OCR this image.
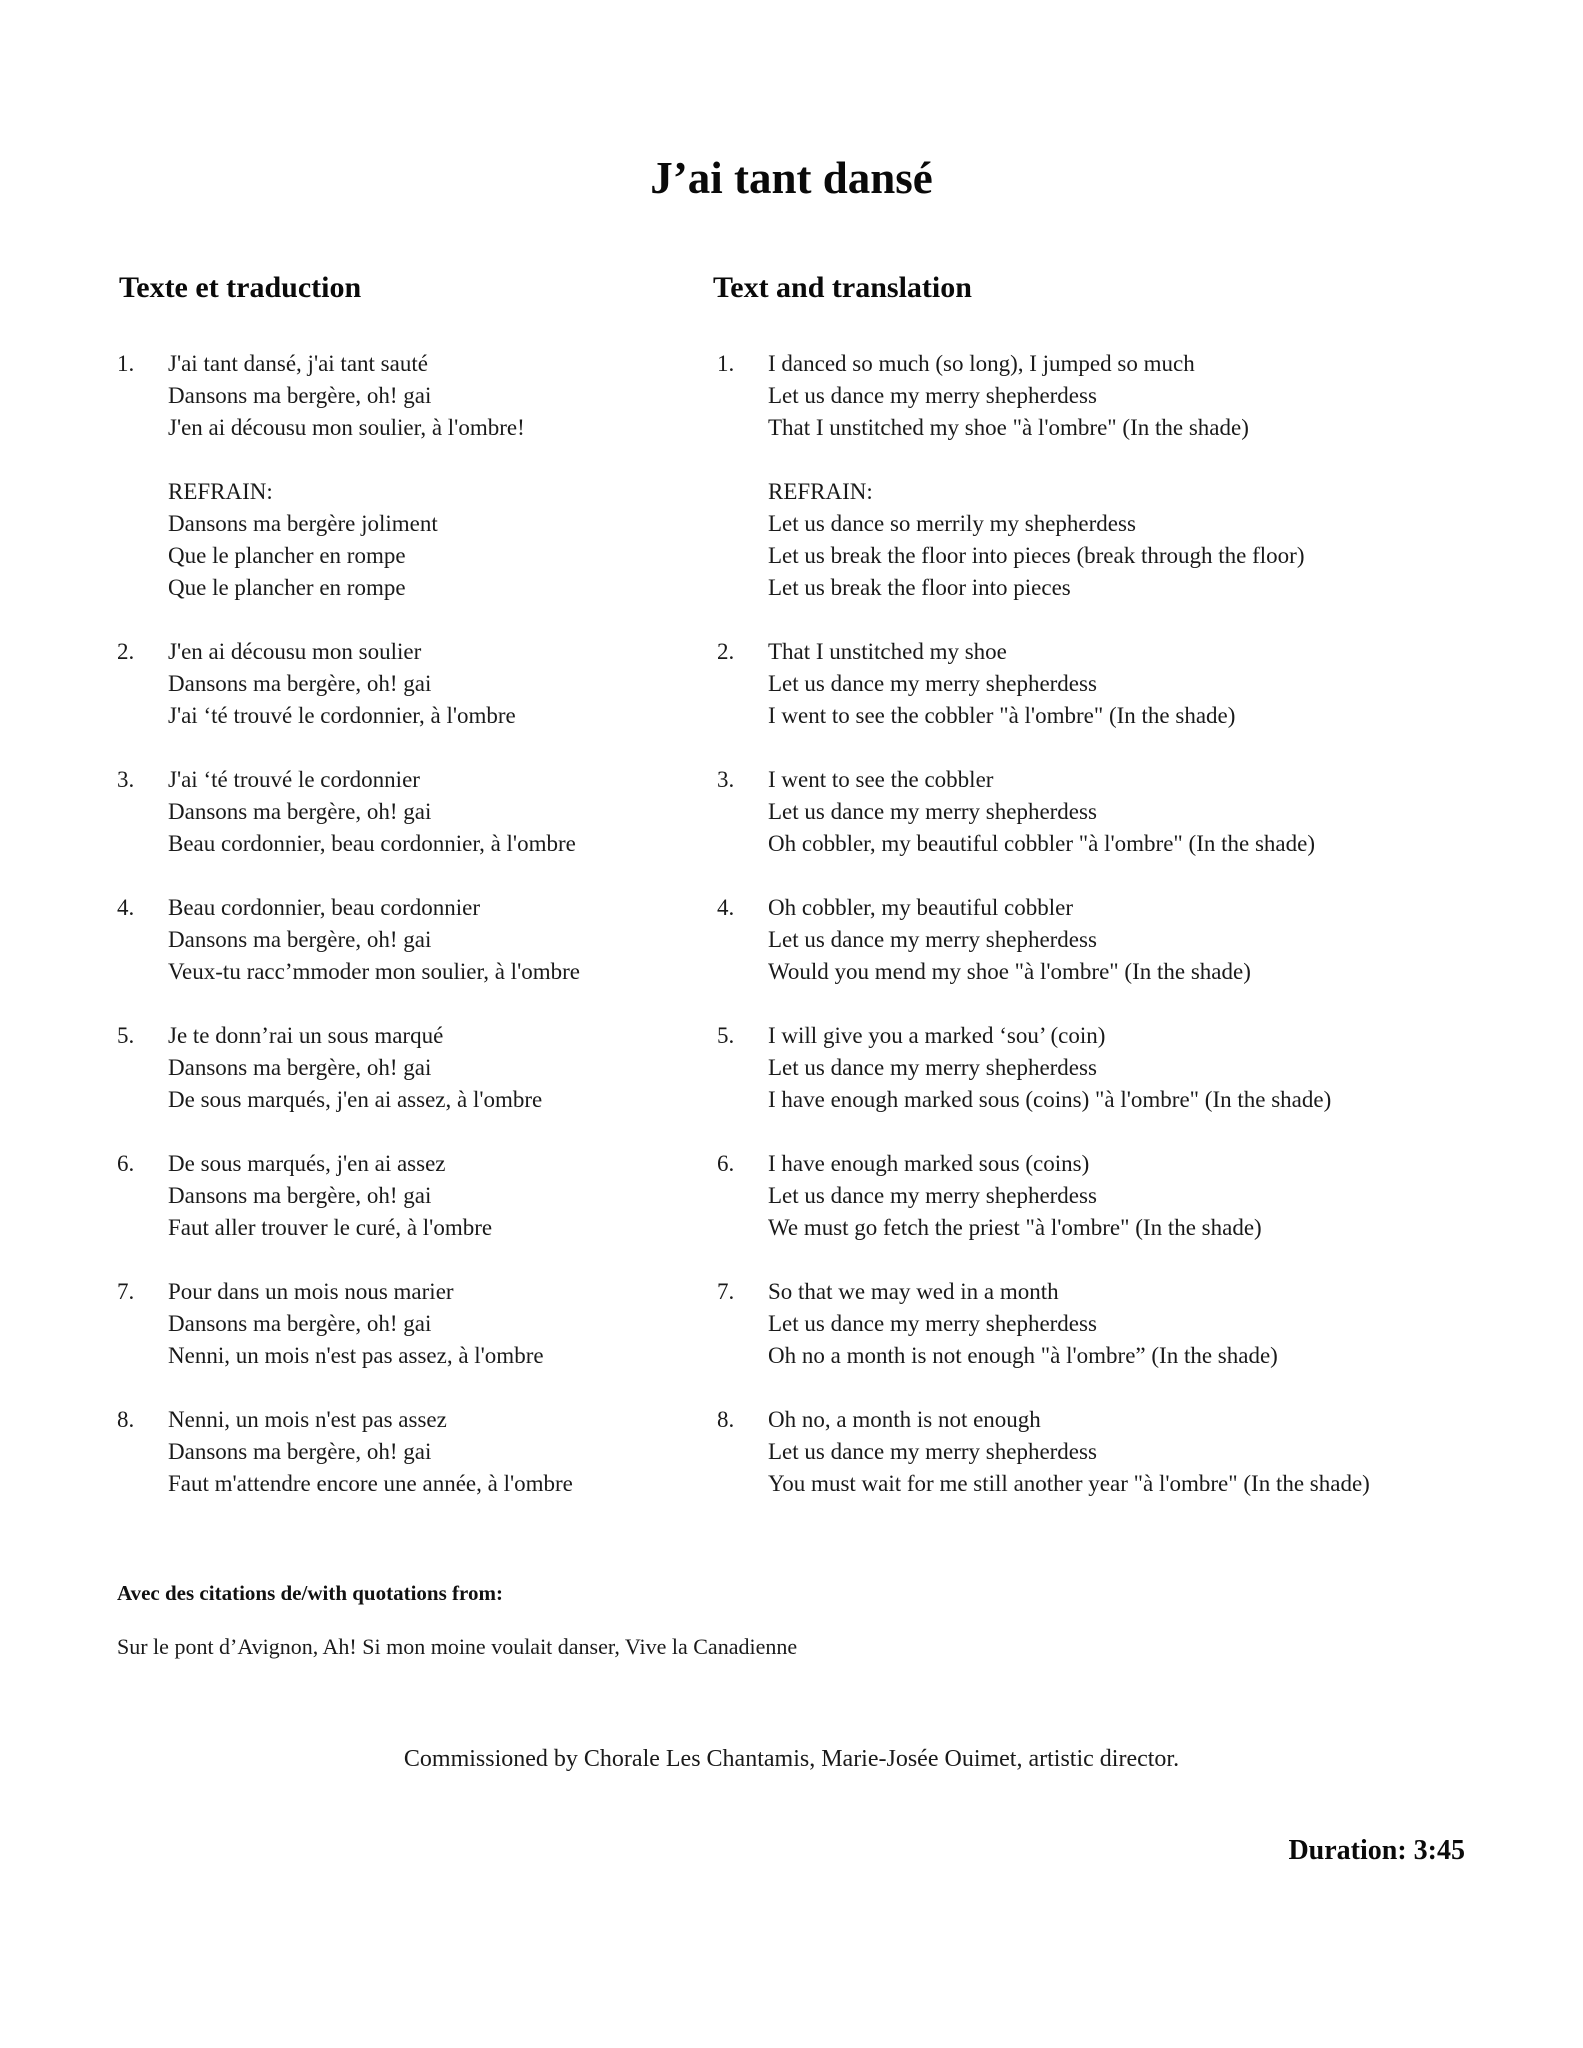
J’ai tant dansé
Texte et traduction	Text and translation
1. J'ai tant dansé, j'ai tant sauté
Dansons ma bergère, oh! gai
J'en ai décousu mon soulier, à l'ombre!
REFRAIN:
Dansons ma bergère joliment
Que le plancher en rompe
Que le plancher en rompe
2. J'en ai décousu mon soulier
Dansons ma bergère, oh! gai
J'ai ‘té trouvé le cordonnier, à l'ombre
3. J'ai ‘té trouvé le cordonnier
Dansons ma bergère, oh! gai
Beau cordonnier, beau cordonnier, à l'ombre
4. Beau cordonnier, beau cordonnier
Dansons ma bergère, oh! gai
Veux-tu racc’mmoder mon soulier, à l'ombre
5. Je te donn’rai un sous marqué
Dansons ma bergère, oh! gai
De sous marqués, j'en ai assez, à l'ombre
6. De sous marqués, j'en ai assez
Dansons ma bergère, oh! gai
Faut aller trouver le curé, à l'ombre
7. Pour dans un mois nous marier
Dansons ma bergère, oh! gai
Nenni, un mois n'est pas assez, à l'ombre
8. Nenni, un mois n'est pas assez
Dansons ma bergère, oh! gai
Faut m'attendre encore une année, à l'ombre
1. I danced so much (so long), I jumped so much
Let us dance my merry shepherdess
That I unstitched my shoe "à l'ombre" (In the shade)
REFRAIN:
Let us dance so merrily my shepherdess
Let us break the floor into pieces (break through the floor)
Let us break the floor into pieces
2. That I unstitched my shoe
Let us dance my merry shepherdess
I went to see the cobbler "à l'ombre" (In the shade)
3. I went to see the cobbler
Let us dance my merry shepherdess
Oh cobbler, my beautiful cobbler "à l'ombre" (In the shade)
4. Oh cobbler, my beautiful cobbler
Let us dance my merry shepherdess
Would you mend my shoe "à l'ombre" (In the shade)
5. I will give you a marked ‘sou’ (coin)
Let us dance my merry shepherdess
I have enough marked sous (coins) "à l'ombre" (In the shade)
6. I have enough marked sous (coins)
Let us dance my merry shepherdess
We must go fetch the priest "à l'ombre" (In the shade)
7. So that we may wed in a month
Let us dance my merry shepherdess
Oh no a month is not enough "à l'ombre” (In the shade)
8. Oh no, a month is not enough
Let us dance my merry shepherdess
You must wait for me still another year "à l'ombre" (In the shade)
Avec des citations de/with quotations from:
Sur le pont d’Avignon, Ah! Si mon moine voulait danser, Vive la Canadienne
Commissioned by Chorale Les Chantamis, Marie-Josée Ouimet, artistic director.
Duration: 3:45
